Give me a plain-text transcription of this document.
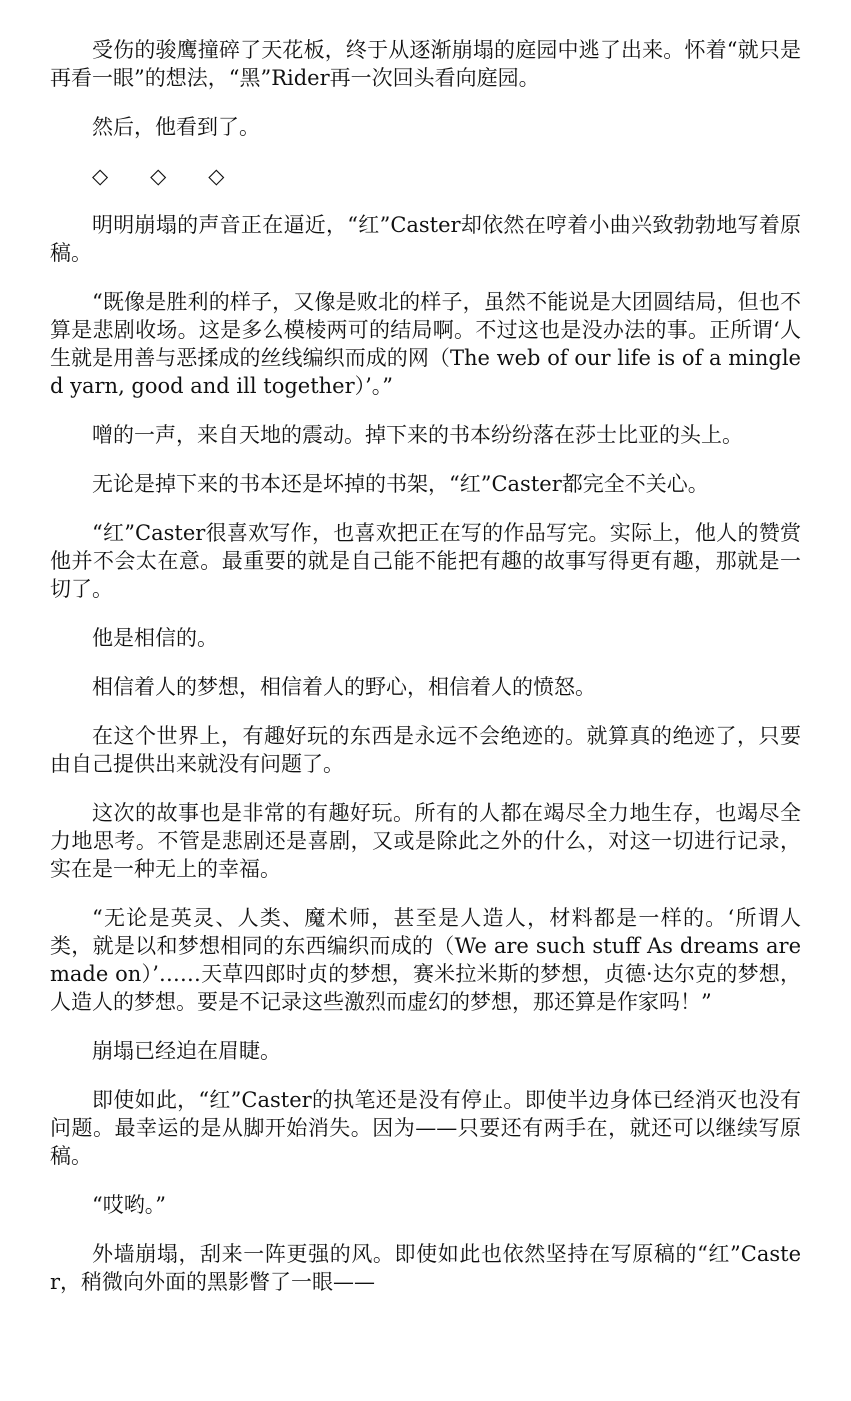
受伤的骏鹰撞碎了天花板，终于从逐渐崩塌的庭园中逃了出来。怀着“就只是再看一眼”的想法，“黑”Rider再一次回头看向庭园。

然后，他看到了。

◇　　◇　　◇

明明崩塌的声音正在逼近，“红”Caster却依然在哼着小曲兴致勃勃地写着原稿。

“既像是胜利的样子，又像是败北的样子，虽然不能说是大团圆结局，但也不算是悲剧收场。这是多么模棱两可的结局啊。不过这也是没办法的事。正所谓‘人生就是用善与恶揉成的丝线编织而成的网（The web of our life is of a mingled yarn, good and ill together）’。”

噌的一声，来自天地的震动。掉下来的书本纷纷落在莎士比亚的头上。

无论是掉下来的书本还是坏掉的书架，“红”Caster都完全不关心。

“红”Caster很喜欢写作，也喜欢把正在写的作品写完。实际上，他人的赞赏他并不会太在意。最重要的就是自己能不能把有趣的故事写得更有趣，那就是一切了。

他是相信的。

相信着人的梦想，相信着人的野心，相信着人的愤怒。

在这个世界上，有趣好玩的东西是永远不会绝迹的。就算真的绝迹了，只要由自己提供出来就没有问题了。

这次的故事也是非常的有趣好玩。所有的人都在竭尽全力地生存，也竭尽全力地思考。不管是悲剧还是喜剧，又或是除此之外的什么，对这一切进行记录，实在是一种无上的幸福。

“无论是英灵、人类、魔术师，甚至是人造人，材料都是一样的。‘所谓人类，就是以和梦想相同的东西编织而成的（We are such stuff As dreams are made on）’……天草四郎时贞的梦想，赛米拉米斯的梦想，贞德·达尔克的梦想，人造人的梦想。要是不记录这些激烈而虚幻的梦想，那还算是作家吗！”

崩塌已经迫在眉睫。

即使如此，“红”Caster的执笔还是没有停止。即使半边身体已经消灭也没有问题。最幸运的是从脚开始消失。因为——只要还有两手在，就还可以继续写原稿。

“哎哟。”

外墙崩塌，刮来一阵更强的风。即使如此也依然坚持在写原稿的“红”Caster，稍微向外面的黑影瞥了一眼——
